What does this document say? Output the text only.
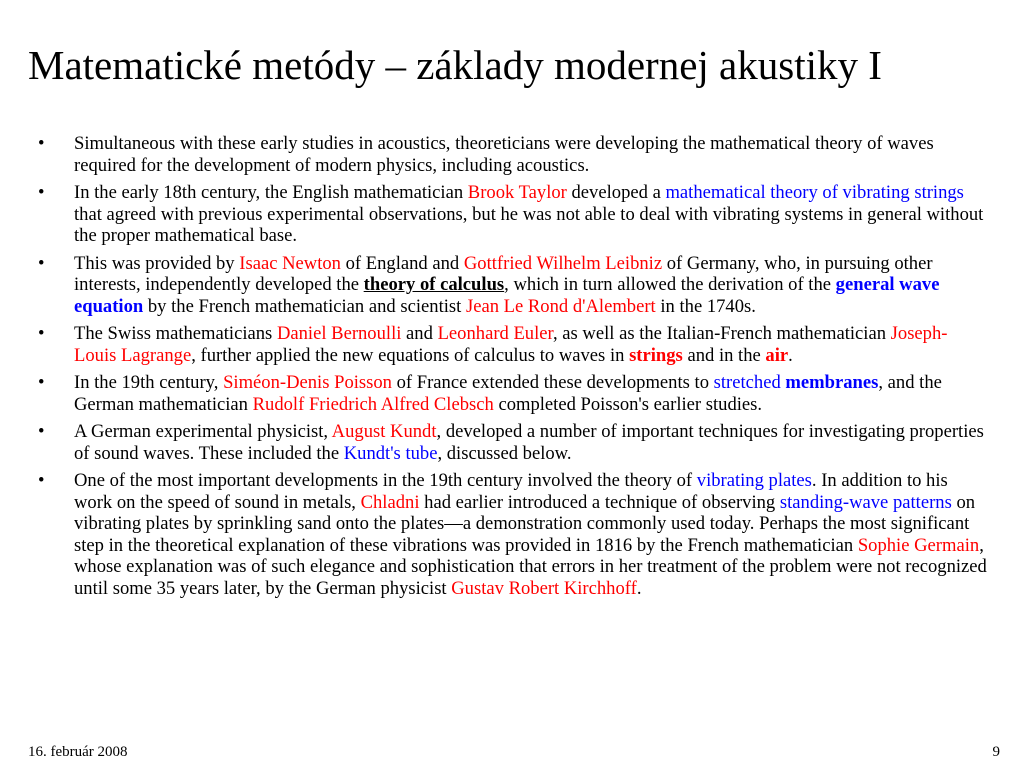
Matematické metódy – základy modernej akustiky I
• Simultaneous with these early studies in acoustics, theoreticians were developing the mathematical theory of waves required for the development of modern physics, including acoustics.
• In the early 18th century, the English mathematician Brook Taylor developed a mathematical theory of vibrating strings that agreed with previous experimental observations, but he was not able to deal with vibrating systems in general without the proper mathematical base.
• This was provided by Isaac Newton of England and Gottfried Wilhelm Leibniz of Germany, who, in pursuing other interests, independently developed the theory of calculus, which in turn allowed the derivation of the general wave equation by the French mathematician and scientist Jean Le Rond d'Alembert in the 1740s.
• The Swiss mathematicians Daniel Bernoulli and Leonhard Euler, as well as the Italian-French mathematician Joseph-Louis Lagrange, further applied the new equations of calculus to waves in strings and in the air.
• In the 19th century, Siméon-Denis Poisson of France extended these developments to stretched membranes, and the German mathematician Rudolf Friedrich Alfred Clebsch completed Poisson's earlier studies.
• A German experimental physicist, August Kundt, developed a number of important techniques for investigating properties of sound waves. These included the Kundt's tube, discussed below.
• One of the most important developments in the 19th century involved the theory of vibrating plates. In addition to his work on the speed of sound in metals, Chladni had earlier introduced a technique of observing standing-wave patterns on vibrating plates by sprinkling sand onto the plates—a demonstration commonly used today. Perhaps the most significant step in the theoretical explanation of these vibrations was provided in 1816 by the French mathematician Sophie Germain, whose explanation was of such elegance and sophistication that errors in her treatment of the problem were not recognized until some 35 years later, by the German physicist Gustav Robert Kirchhoff.
16. február 2008	9
